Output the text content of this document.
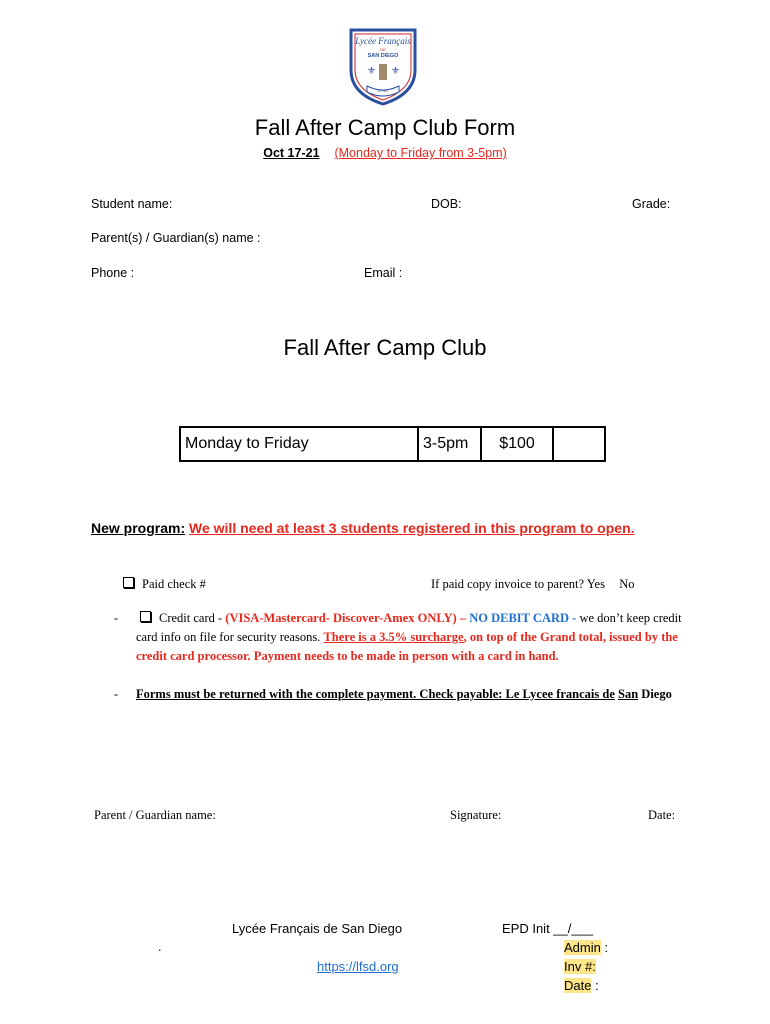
Lycée Français
DE
SAN DIEGO
⚜ ⚜
LFSD
Fall After Camp Club Form
Oct 17-21 (Monday to Friday from 3-5pm)
Student name:	DOB:	Grade:
Parent(s) / Guardian(s) name :
Phone :	Email :
Fall After Camp Club
Monday to Friday	3-5pm	$100	
New program: We will need at least 3 students registered in this program to open.
Paid check #	If paid copy invoice to parent? Yes No
-	Credit card - (VISA-Mastercard- Discover-Amex ONLY) – NO DEBIT CARD - we don’t keep credit card info on file for security reasons. There is a 3.5% surcharge, on top of the Grand total, issued by the credit card processor. Payment needs to be made in person with a card in hand.
- Forms must be returned with the complete payment. Check payable: Le Lycee francais de San Diego
Parent / Guardian name:	Signature:	Date:
Lycée Français de San Diego
.
https://lfsd.org
EPD Init __/___
Admin :
Inv #:
Date :
